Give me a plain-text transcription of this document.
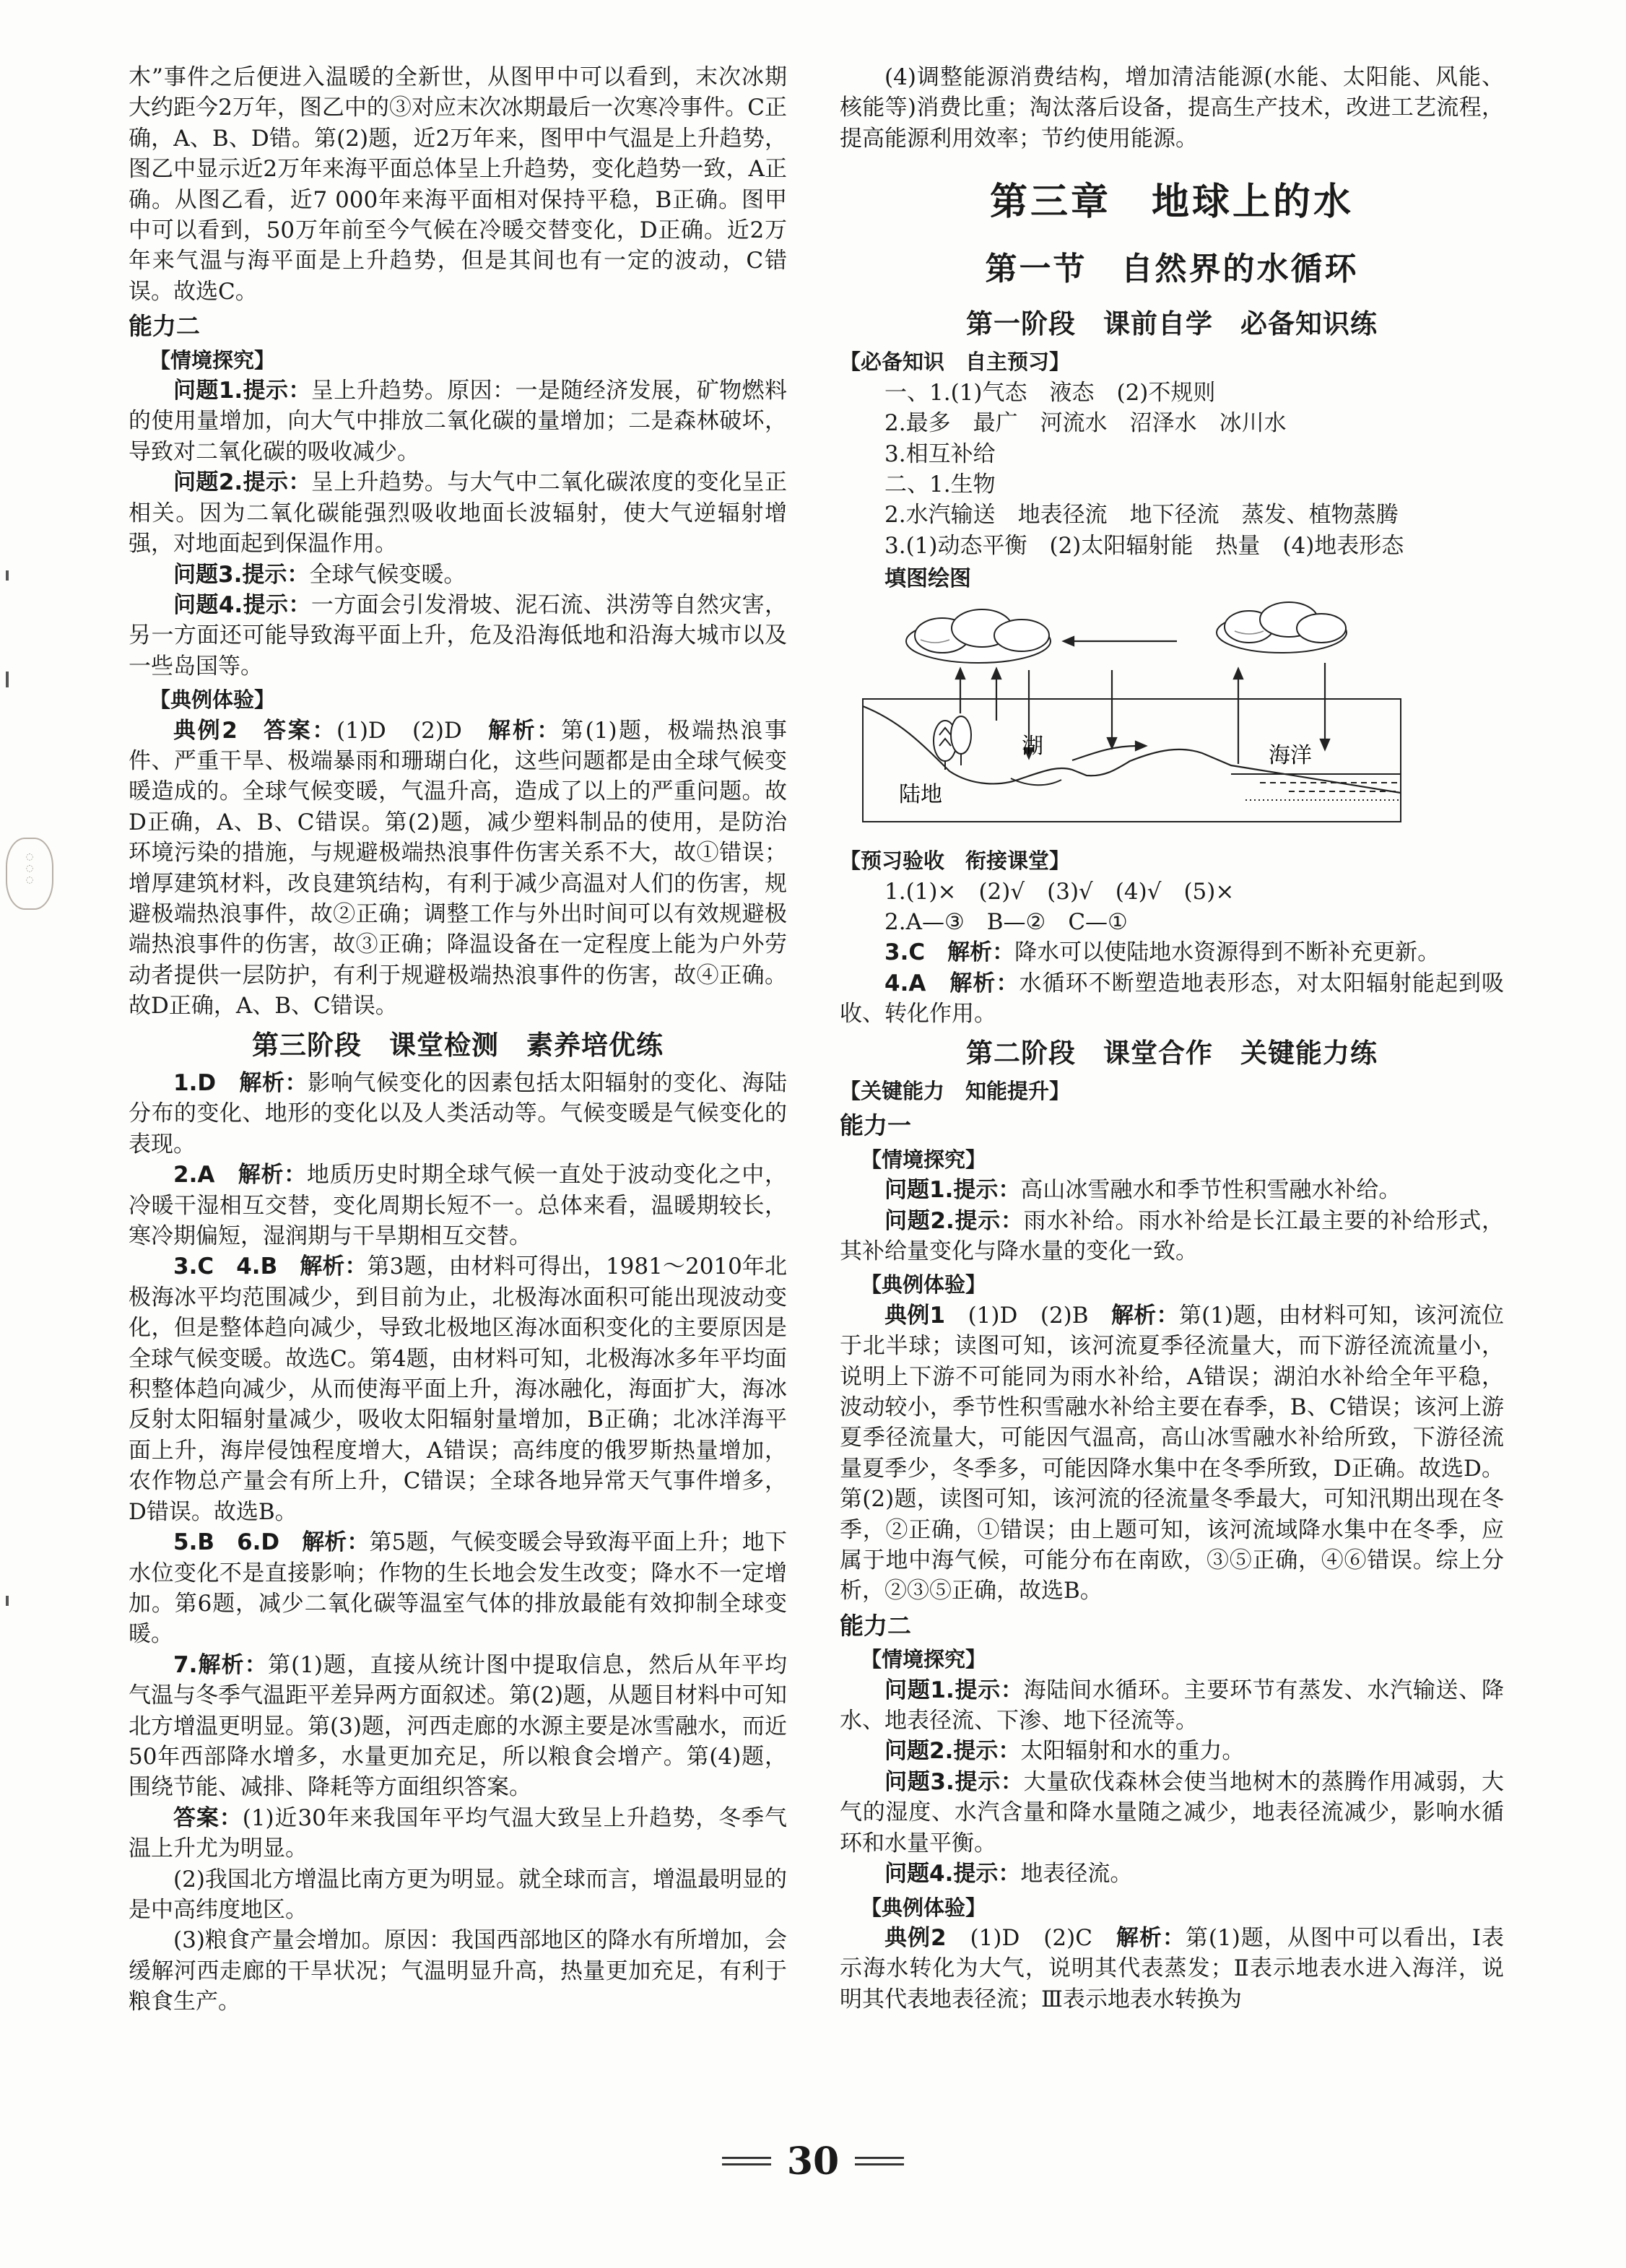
◌
◌
◌

木”事件之后便进入温暖的全新世，从图甲中可以看到，末次冰期大约距今2万年，图乙中的③对应末次冰期最后一次寒冷事件。C正确，A、B、D错。第(2)题，近2万年来，图甲中气温是上升趋势，图乙中显示近2万年来海平面总体呈上升趋势，变化趋势一致，A正确。从图乙看，近7 000年来海平面相对保持平稳，B正确。图甲中可以看到，50万年前至今气候在冷暖交替变化，D正确。近2万年来气温与海平面是上升趋势，但是其间也有一定的波动，C错误。故选C。

能力二
【情境探究】

问题1.提示：呈上升趋势。原因：一是随经济发展，矿物燃料的使用量增加，向大气中排放二氧化碳的量增加；二是森林破坏，导致对二氧化碳的吸收减少。

问题2.提示：呈上升趋势。与大气中二氧化碳浓度的变化呈正相关。因为二氧化碳能强烈吸收地面长波辐射，使大气逆辐射增强，对地面起到保温作用。

问题3.提示：全球气候变暖。

问题4.提示：一方面会引发滑坡、泥石流、洪涝等自然灾害，另一方面还可能导致海平面上升，危及沿海低地和沿海大城市以及一些岛国等。

【典例体验】

典例2　答案：(1)D　(2)D　解析：第(1)题，极端热浪事件、严重干旱、极端暴雨和珊瑚白化，这些问题都是由全球气候变暖造成的。全球气候变暖，气温升高，造成了以上的严重问题。故D正确，A、B、C错误。第(2)题，减少塑料制品的使用，是防治环境污染的措施，与规避极端热浪事件伤害关系不大，故①错误；增厚建筑材料，改良建筑结构，有利于减少高温对人们的伤害，规避极端热浪事件，故②正确；调整工作与外出时间可以有效规避极端热浪事件的伤害，故③正确；降温设备在一定程度上能为户外劳动者提供一层防护，有利于规避极端热浪事件的伤害，故④正确。故D正确，A、B、C错误。

第三阶段　课堂检测　素养培优练

1.D　解析：影响气候变化的因素包括太阳辐射的变化、海陆分布的变化、地形的变化以及人类活动等。气候变暖是气候变化的表现。

2.A　解析：地质历史时期全球气候一直处于波动变化之中，冷暖干湿相互交替，变化周期长短不一。总体来看，温暖期较长，寒冷期偏短，湿润期与干旱期相互交替。

3.C　4.B　解析：第3题，由材料可得出，1981～2010年北极海冰平均范围减少，到目前为止，北极海冰面积可能出现波动变化，但是整体趋向减少，导致北极地区海冰面积变化的主要原因是全球气候变暖。故选C。第4题，由材料可知，北极海冰多年平均面积整体趋向减少，从而使海平面上升，海冰融化，海面扩大，海冰反射太阳辐射量减少，吸收太阳辐射量增加，B正确；北冰洋海平面上升，海岸侵蚀程度增大，A错误；高纬度的俄罗斯热量增加，农作物总产量会有所上升，C错误；全球各地异常天气事件增多，D错误。故选B。

5.B　6.D　解析：第5题，气候变暖会导致海平面上升；地下水位变化不是直接影响；作物的生长地会发生改变；降水不一定增加。第6题，减少二氧化碳等温室气体的排放最能有效抑制全球变暖。

7.解析：第(1)题，直接从统计图中提取信息，然后从年平均气温与冬季气温距平差异两方面叙述。第(2)题，从题目材料中可知北方增温更明显。第(3)题，河西走廊的水源主要是冰雪融水，而近50年西部降水增多，水量更加充足，所以粮食会增产。第(4)题，围绕节能、减排、降耗等方面组织答案。

答案：(1)近30年来我国年平均气温大致呈上升趋势，冬季气温上升尤为明显。

(2)我国北方增温比南方更为明显。就全球而言，增温最明显的是中高纬度地区。

(3)粮食产量会增加。原因：我国西部地区的降水有所增加，会缓解河西走廊的干旱状况；气温明显升高，热量更加充足，有利于粮食生产。

(4)调整能源消费结构，增加清洁能源(水能、太阳能、风能、核能等)消费比重；淘汰落后设备，提高生产技术，改进工艺流程，提高能源利用效率；节约使用能源。

第三章　地球上的水
第一节　自然界的水循环
第一阶段　课前自学　必备知识练
【必备知识　自主预习】

一、1.(1)气态　液态　(2)不规则

2.最多　最广　河流水　沼泽水　冰川水

3.相互补给

二、1.生物

2.水汽输送　地表径流　地下径流　蒸发、植物蒸腾

3.(1)动态平衡　(2)太阳辐射能　热量　(4)地表形态

填图绘图
陆地
湖	海洋
【预习验收　衔接课堂】

1.(1)×　(2)√　(3)√　(4)√　(5)×

2.A—③　B—②　C—①

3.C　解析：降水可以使陆地水资源得到不断补充更新。

4.A　解析：水循环不断塑造地表形态，对太阳辐射能起到吸收、转化作用。

第二阶段　课堂合作　关键能力练
【关键能力　知能提升】
能力一
【情境探究】

问题1.提示：高山冰雪融水和季节性积雪融水补给。

问题2.提示：雨水补给。雨水补给是长江最主要的补给形式，其补给量变化与降水量的变化一致。

【典例体验】

典例1　(1)D　(2)B　解析：第(1)题，由材料可知，该河流位于北半球；读图可知，该河流夏季径流量大，而下游径流流量小，说明上下游不可能同为雨水补给，A错误；湖泊水补给全年平稳，波动较小，季节性积雪融水补给主要在春季，B、C错误；该河上游夏季径流量大，可能因气温高，高山冰雪融水补给所致，下游径流量夏季少，冬季多，可能因降水集中在冬季所致，D正确。故选D。第(2)题，读图可知，该河流的径流量冬季最大，可知汛期出现在冬季，②正确，①错误；由上题可知，该河流域降水集中在冬季，应属于地中海气候，可能分布在南欧，③⑤正确，④⑥错误。综上分析，②③⑤正确，故选B。

能力二
【情境探究】

问题1.提示：海陆间水循环。主要环节有蒸发、水汽输送、降水、地表径流、下渗、地下径流等。

问题2.提示：太阳辐射和水的重力。

问题3.提示：大量砍伐森林会使当地树木的蒸腾作用减弱，大气的湿度、水汽含量和降水量随之减少，地表径流减少，影响水循环和水量平衡。

问题4.提示：地表径流。

【典例体验】

典例2　(1)D　(2)C　解析：第(1)题，从图中可以看出，Ⅰ表示海水转化为大气，说明其代表蒸发；Ⅱ表示地表水进入海洋，说明其代表地表径流；Ⅲ表示地表水转换为

30
